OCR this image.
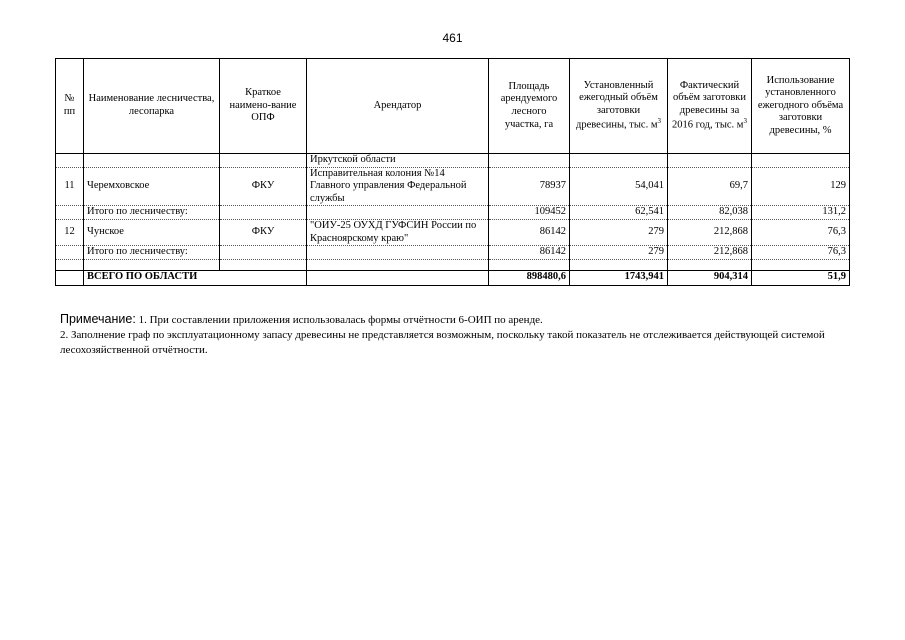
461
№ пп	Наименование лесничества, лесопарка	Краткое наимено-вание ОПФ	Арендатор	Площадь арендуемого лесного участка, га	Установленный ежегодный объём заготовки древесины, тыс. $м^3$	Фактический объём заготовки древесины за 2016 год, тыс. $м^3$	Использование установленного ежегодного объёма заготовки древесины, %
			Иркутской области				
11	Черемховское	ФКУ	Исправительная колония №14 Главного управления Федеральной службы	78937	54,041	69,7	129
	Итого по лесничеству:			109452	62,541	82,038	131,2
12	Чунское	ФКУ	"ОИУ-25 ОУХД ГУФСИН России по Красноярскому краю"	86142	279	212,868	76,3
	Итого по лесничеству:			86142	279	212,868	76,3

	ВСЕГО ПО ОБЛАСТИ			898480,6	1743,941	904,314	51,9
Примечание: 1. При составлении приложения использовалась формы отчётности 6-ОИП по аренде.
2. Заполнение граф по эксплуатационному запасу древесины не представляется возможным, поскольку такой показатель не отслеживается действующей системой лесохозяйственной отчётности.
